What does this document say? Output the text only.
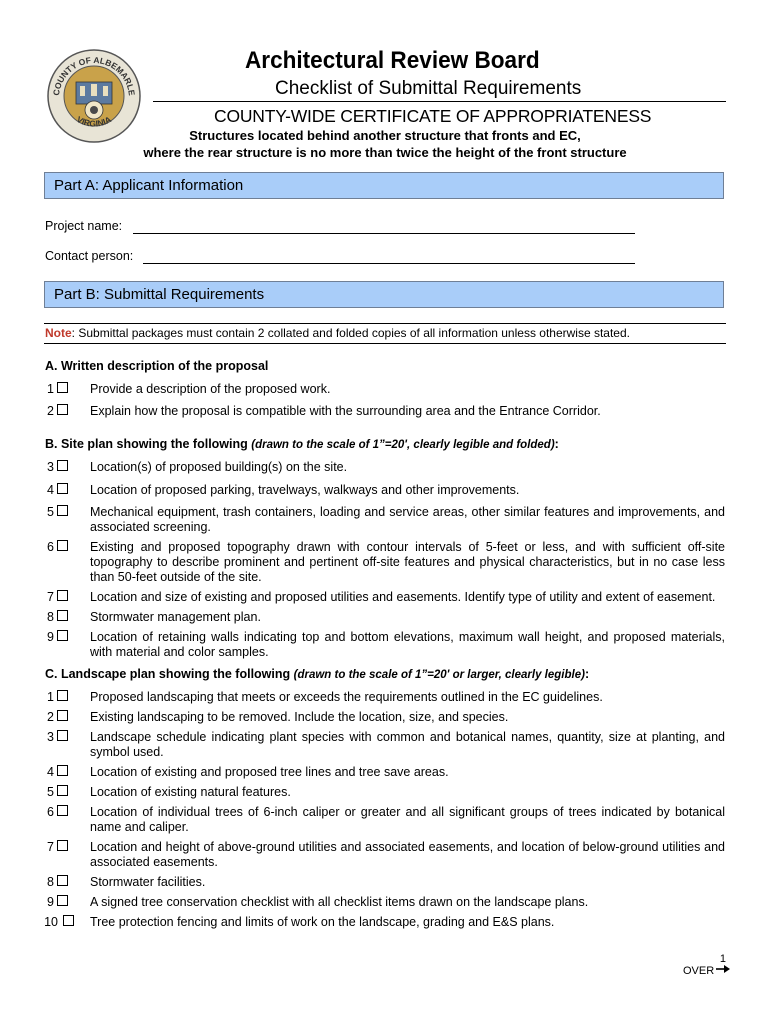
COUNTY OF ALBEMARLE
VIRGINIA
Architectural Review Board
Checklist of Submittal Requirements
COUNTY-WIDE CERTIFICATE OF APPROPRIATENESS
Structures located behind another structure that fronts and EC,
where the rear structure is no more than twice the height of the front structure
Part A: Applicant Information
Project name:
Contact person:
Part B: Submittal Requirements
Note: Submittal packages must contain 2 collated and folded copies of all information unless otherwise stated.
A. Written description of the proposal
1	Provide a description of the proposed work.
2	Explain how the proposal is compatible with the surrounding area and the Entrance Corridor.
B. Site plan showing the following (drawn to the scale of 1”=20', clearly legible and folded):
3	Location(s) of proposed building(s) on the site.
4	Location of proposed parking, travelways, walkways and other improvements.
5	Mechanical equipment, trash containers, loading and service areas, other similar features and improvements, and associated screening.
6	Existing and proposed topography drawn with contour intervals of 5-feet or less, and with sufficient off-site topography to describe prominent and pertinent off-site features and physical characteristics, but in no case less than 50-feet outside of the site.
7	Location and size of existing and proposed utilities and easements. Identify type of utility and extent of easement.
8	Stormwater management plan.
9	Location of retaining walls indicating top and bottom elevations, maximum wall height, and proposed materials, with material and color samples.
C. Landscape plan showing the following (drawn to the scale of 1”=20' or larger, clearly legible):
1	Proposed landscaping that meets or exceeds the requirements outlined in the EC guidelines.
2	Existing landscaping to be removed. Include the location, size, and species.
3	Landscape schedule indicating plant species with common and botanical names, quantity, size at planting, and symbol used.
4	Location of existing and proposed tree lines and tree save areas.
5	Location of existing natural features.
6	Location of individual trees of 6-inch caliper or greater and all significant groups of trees indicated by botanical name and caliper.
7	Location and height of above-ground utilities and associated easements, and location of below-ground utilities and associated easements.
8	Stormwater facilities.
9	A signed tree conservation checklist with all checklist items drawn on the landscape plans.
10	Tree protection fencing and limits of work on the landscape, grading and E&S plans.
1
OVER
